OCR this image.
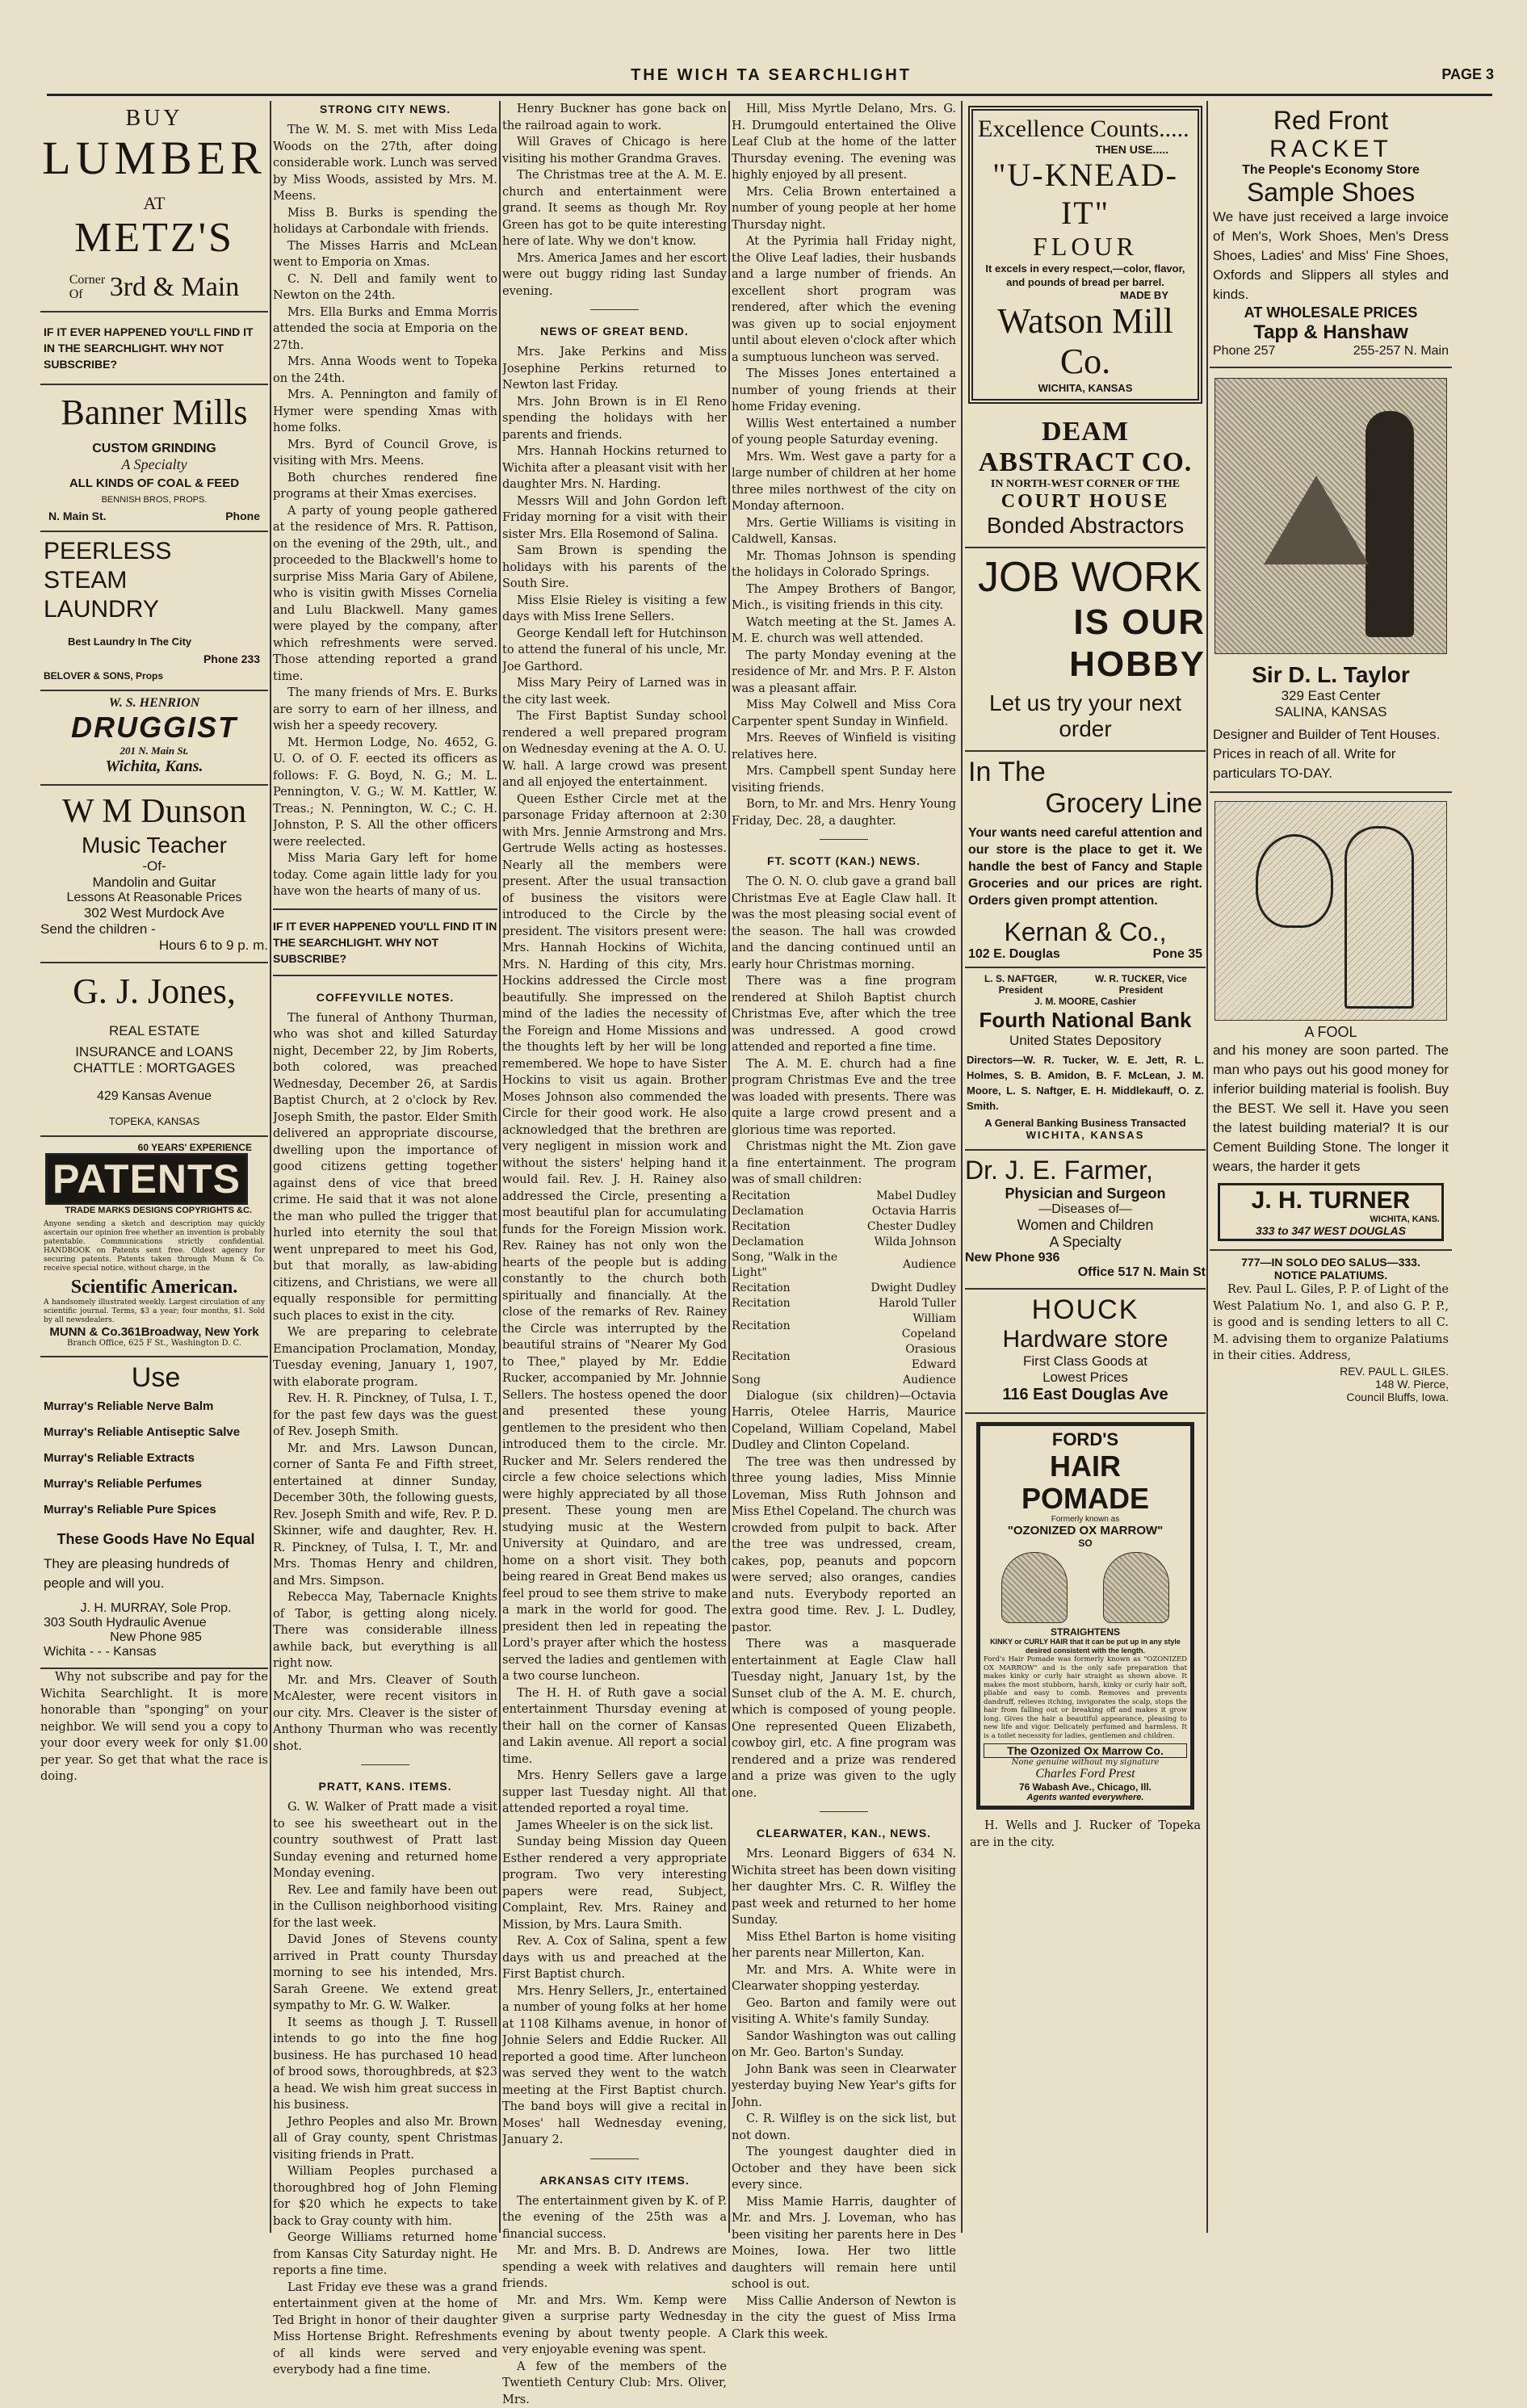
THE WICH TA SEARCHLIGHT	PAGE 3
BUY
LUMBER
AT
METZ'S
Corner Of 3rd & Main
IF IT EVER HAPPENED YOU'LL FIND IT IN THE SEARCHLIGHT. WHY NOT SUBSCRIBE?
Banner Mills
CUSTOM GRINDING
A Specialty
ALL KINDS OF COAL & FEED
BENNISH BROS, PROPS.
N. Main St.	Phone
PEERLESS STEAM LAUNDRY
Best Laundry In The City
Phone 233
BELOVER & SONS, Props
W. S. HENRION
DRUGGIST
201 N. Main St.
Wichita, Kans.
W M Dunson
Music Teacher
-Of-
Mandolin and Guitar
Lessons At Reasonable Prices
302 West Murdock Ave
Send the children -
Hours 6 to 9 p. m.
G. J. Jones,
REAL ESTATE
INSURANCE and LOANS
CHATTLE : MORTGAGES
429 Kansas Avenue
TOPEKA, KANSAS
60 YEARS' EXPERIENCE
PATENTS
TRADE MARKS DESIGNS COPYRIGHTS &C.
Anyone sending a sketch and description may quickly ascertain our opinion free whether an invention is probably patentable. Communications strictly confidential. HANDBOOK on Patents sent free. Oldest agency for securing patents. Patents taken through Munn & Co. receive special notice, without charge, in the
Scientific American.
A handsomely illustrated weekly. Largest circulation of any scientific journal. Terms, $3 a year; four months, $1. Sold by all newsdealers.
MUNN & Co.361Broadway, New York
Branch Office, 625 F St., Washington D. C.
Use
Murray's Reliable Nerve Balm
Murray's Reliable Antiseptic Salve
Murray's Reliable Extracts
Murray's Reliable Perfumes
Murray's Reliable Pure Spices
These Goods Have No Equal
They are pleasing hundreds of people and will you.
J. H. MURRAY, Sole Prop.
303 South Hydraulic Avenue
New Phone 985
Wichita - - - Kansas

Why not subscribe and pay for the Wichita Searchlight. It is more honorable than "sponging" on your neighbor. We will send you a copy to your door every week for only $1.00 per year. So get that what the race is doing.

STRONG CITY NEWS.

The W. M. S. met with Miss Leda Woods on the 27th, after doing considerable work. Lunch was served by Miss Woods, assisted by Mrs. M. Meens.

Miss B. Burks is spending the holidays at Carbondale with friends.

The Misses Harris and McLean went to Emporia on Xmas.

C. N. Dell and family went to Newton on the 24th.

Mrs. Ella Burks and Emma Morris attended the socia at Emporia on the 27th.

Mrs. Anna Woods went to Topeka on the 24th.

Mrs. A. Pennington and family of Hymer were spending Xmas with home folks.

Mrs. Byrd of Council Grove, is visiting with Mrs. Meens.

Both churches rendered fine programs at their Xmas exercises.

A party of young people gathered at the residence of Mrs. R. Pattison, on the evening of the 29th, ult., and proceeded to the Blackwell's home to surprise Miss Maria Gary of Abilene, who is visitin gwith Misses Cornelia and Lulu Blackwell. Many games were played by the company, after which refreshments were served. Those attending reported a grand time.

The many friends of Mrs. E. Burks are sorry to earn of her illness, and wish her a speedy recovery.

Mt. Hermon Lodge, No. 4652, G. U. O. of O. F. eected its officers as follows: F. G. Boyd, N. G.; M. L. Pennington, V. G.; W. M. Kattler, W. Treas.; N. Pennington, W. C.; C. H. Johnston, P. S. All the other officers were reelected.

Miss Maria Gary left for home today. Come again little lady for you have won the hearts of many of us.

IF IT EVER HAPPENED YOU'LL FIND IT IN THE SEARCHLIGHT. WHY NOT SUBSCRIBE?
COFFEYVILLE NOTES.

The funeral of Anthony Thurman, who was shot and killed Saturday night, December 22, by Jim Roberts, both colored, was preached Wednesday, December 26, at Sardis Baptist Church, at 2 o'clock by Rev. Joseph Smith, the pastor. Elder Smith delivered an appropriate discourse, dwelling upon the importance of good citizens getting together against dens of vice that breed crime. He said that it was not alone the man who pulled the trigger that hurled into eternity the soul that went unprepared to meet his God, but that morally, as law-abiding citizens, and Christians, we were all equally responsible for permitting such places to exist in the city.

We are preparing to celebrate Emancipation Proclamation, Monday, Tuesday evening, January 1, 1907, with elaborate program.

Rev. H. R. Pinckney, of Tulsa, I. T., for the past few days was the guest of Rev. Joseph Smith.

Mr. and Mrs. Lawson Duncan, corner of Santa Fe and Fifth street, entertained at dinner Sunday, December 30th, the following guests, Rev. Joseph Smith and wife, Rev. P. D. Skinner, wife and daughter, Rev. H. R. Pinckney, of Tulsa, I. T., Mr. and Mrs. Thomas Henry and children, and Mrs. Simpson.

Rebecca May, Tabernacle Knights of Tabor, is getting along nicely. There was considerable illness awhile back, but everything is all right now.

Mr. and Mrs. Cleaver of South McAlester, were recent visitors in our city. Mrs. Cleaver is the sister of Anthony Thurman who was recently shot.

PRATT, KANS. ITEMS.

G. W. Walker of Pratt made a visit to see his sweetheart out in the country southwest of Pratt last Sunday evening and returned home Monday evening.

Rev. Lee and family have been out in the Cullison neighborhood visiting for the last week.

David Jones of Stevens county arrived in Pratt county Thursday morning to see his intended, Mrs. Sarah Greene. We extend great sympathy to Mr. G. W. Walker.

It seems as though J. T. Russell intends to go into the fine hog business. He has purchased 10 head of brood sows, thoroughbreds, at $23 a head. We wish him great success in his business.

Jethro Peoples and also Mr. Brown all of Gray county, spent Christmas visiting friends in Pratt.

William Peoples purchased a thoroughbred hog of John Fleming for $20 which he expects to take back to Gray county with him.

George Williams returned home from Kansas City Saturday night. He reports a fine time.

Last Friday eve these was a grand entertainment given at the home of Ted Bright in honor of their daughter Miss Hortense Bright. Refreshments of all kinds were served and everybody had a fine time.

Henry Buckner has gone back on the railroad again to work.

Will Graves of Chicago is here visiting his mother Grandma Graves.

The Christmas tree at the A. M. E. church and entertainment were grand. It seems as though Mr. Roy Green has got to be quite interesting here of late. Why we don't know.

Mrs. America James and her escort were out buggy riding last Sunday evening.

NEWS OF GREAT BEND.

Mrs. Jake Perkins and Miss Josephine Perkins returned to Newton last Friday.

Mrs. John Brown is in El Reno spending the holidays with her parents and friends.

Mrs. Hannah Hockins returned to Wichita after a pleasant visit with her daughter Mrs. N. Harding.

Messrs Will and John Gordon left Friday morning for a visit with their sister Mrs. Ella Rosemond of Salina.

Sam Brown is spending the holidays with his parents of the South Sire.

Miss Elsie Rieley is visiting a few days with Miss Irene Sellers.

George Kendall left for Hutchinson to attend the funeral of his uncle, Mr. Joe Garthord.

Miss Mary Peiry of Larned was in the city last week.

The First Baptist Sunday school rendered a well prepared program on Wednesday evening at the A. O. U. W. hall. A large crowd was present and all enjoyed the entertainment.

Queen Esther Circle met at the parsonage Friday afternoon at 2:30 with Mrs. Jennie Armstrong and Mrs. Gertrude Wells acting as hostesses. Nearly all the members were present. After the usual transaction of business the visitors were introduced to the Circle by the president. The visitors present were: Mrs. Hannah Hockins of Wichita, Mrs. N. Harding of this city, Mrs. Hockins addressed the Circle most beautifully. She impressed on the mind of the ladies the necessity of the Foreign and Home Missions and the thoughts left by her will be long remembered. We hope to have Sister Hockins to visit us again. Brother Moses Johnson also commended the Circle for their good work. He also acknowledged that the brethren are very negligent in mission work and without the sisters' helping hand it would fail. Rev. J. H. Rainey also addressed the Circle, presenting a most beautiful plan for accumulating funds for the Foreign Mission work. Rev. Rainey has not only won the hearts of the people but is adding constantly to the church both spiritually and financially. At the close of the remarks of Rev. Rainey the Circle was interrupted by the beautiful strains of "Nearer My God to Thee," played by Mr. Eddie Rucker, accompanied by Mr. Johnnie Sellers. The hostess opened the door and presented these young gentlemen to the president who then introduced them to the circle. Mr. Rucker and Mr. Selers rendered the circle a few choice selections which were highly appreciated by all those present. These young men are studying music at the Western University at Quindaro, and are home on a short visit. They both being reared in Great Bend makes us feel proud to see them strive to make a mark in the world for good. The president then led in repeating the Lord's prayer after which the hostess served the ladies and gentlemen with a two course luncheon.

The H. H. of Ruth gave a social entertainment Thursday evening at their hall on the corner of Kansas and Lakin avenue. All report a social time.

Mrs. Henry Sellers gave a large supper last Tuesday night. All that attended reported a royal time.

James Wheeler is on the sick list.

Sunday being Mission day Queen Esther rendered a very appropriate program. Two very interesting papers were read, Subject, Complaint, Rev. Mrs. Rainey and Mission, by Mrs. Laura Smith.

Rev. A. Cox of Salina, spent a few days with us and preached at the First Baptist church.

Mrs. Henry Sellers, Jr., entertained a number of young folks at her home at 1108 Kilhams avenue, in honor of Johnie Selers and Eddie Rucker. All reported a good time. After luncheon was served they went to the watch meeting at the First Baptist church. The band boys will give a recital in Moses' hall Wednesday evening, January 2.

ARKANSAS CITY ITEMS.

The entertainment given by K. of P. the evening of the 25th was a financial success.

Mr. and Mrs. B. D. Andrews are spending a week with relatives and friends.

Mr. and Mrs. Wm. Kemp were given a surprise party Wednesday evening by about twenty people. A very enjoyable evening was spent.

A few of the members of the Twentieth Century Club: Mrs. Oliver, Mrs.

Hill, Miss Myrtle Delano, Mrs. G. H. Drumgould entertained the Olive Leaf Club at the home of the latter Thursday evening. The evening was highly enjoyed by all present.

Mrs. Celia Brown entertained a number of young people at her home Thursday night.

At the Pyrimia hall Friday night, the Olive Leaf ladies, their husbands and a large number of friends. An excellent short program was rendered, after which the evening was given up to social enjoyment until about eleven o'clock after which a sumptuous luncheon was served.

The Misses Jones entertained a number of young friends at their home Friday evening.

Willis West entertained a number of young people Saturday evening.

Mrs. Wm. West gave a party for a large number of children at her home three miles northwest of the city on Monday afternoon.

Mrs. Gertie Williams is visiting in Caldwell, Kansas.

Mr. Thomas Johnson is spending the holidays in Colorado Springs.

The Ampey Brothers of Bangor, Mich., is visiting friends in this city.

Watch meeting at the St. James A. M. E. church was well attended.

The party Monday evening at the residence of Mr. and Mrs. P. F. Alston was a pleasant affair.

Miss May Colwell and Miss Cora Carpenter spent Sunday in Winfield.

Mrs. Reeves of Winfield is visiting relatives here.

Mrs. Campbell spent Sunday here visiting friends.

Born, to Mr. and Mrs. Henry Young Friday, Dec. 28, a daughter.

FT. SCOTT (KAN.) NEWS.

The O. N. O. club gave a grand ball Christmas Eve at Eagle Claw hall. It was the most pleasing social event of the season. The hall was crowded and the dancing continued until an early hour Christmas morning.

There was a fine program rendered at Shiloh Baptist church Christmas Eve, after which the tree was undressed. A good crowd attended and reported a fine time.

The A. M. E. church had a fine program Christmas Eve and the tree was loaded with presents. There was quite a large crowd present and a glorious time was reported.

Christmas night the Mt. Zion gave a fine entertainment. The program was of small children:

Recitation	Mabel Dudley
Declamation	Octavia Harris
Recitation	Chester Dudley
Declamation	Wilda Johnson
Song, "Walk in the Light"	Audience
Recitation	Dwight Dudley
Recitation	Harold Tuller
Recitation	William Copeland
Recitation	Orasious Edward
Song	Audience

Dialogue (six children)—Octavia Harris, Otelee Harris, Maurice Copeland, William Copeland, Mabel Dudley and Clinton Copeland.

The tree was then undressed by three young ladies, Miss Minnie Loveman, Miss Ruth Johnson and Miss Ethel Copeland. The church was crowded from pulpit to back. After the tree was undressed, cream, cakes, pop, peanuts and popcorn were served; also oranges, candies and nuts. Everybody reported an extra good time. Rev. J. L. Dudley, pastor.

There was a masquerade entertainment at Eagle Claw hall Tuesday night, January 1st, by the Sunset club of the A. M. E. church, which is composed of young people. One represented Queen Elizabeth, cowboy girl, etc. A fine program was rendered and a prize was rendered and a prize was given to the ugly one.

CLEARWATER, KAN., NEWS.

Mrs. Leonard Biggers of 634 N. Wichita street has been down visiting her daughter Mrs. C. R. Wilfley the past week and returned to her home Sunday.

Miss Ethel Barton is home visiting her parents near Millerton, Kan.

Mr. and Mrs. A. White were in Clearwater shopping yesterday.

Geo. Barton and family were out visiting A. White's family Sunday.

Sandor Washington was out calling on Mr. Geo. Barton's Sunday.

John Bank was seen in Clearwater yesterday buying New Year's gifts for John.

C. R. Wilfley is on the sick list, but not down.

The youngest daughter died in October and they have been sick every since.

Miss Mamie Harris, daughter of Mr. and Mrs. J. Loveman, who has been visiting her parents here in Des Moines, Iowa. Her two little daughters will remain here until school is out.

Miss Callie Anderson of Newton is in the city the guest of Miss Irma Clark this week.

Excellence Counts.....
THEN USE.....
"U-KNEAD-IT"
FLOUR
It excels in every respect,—color, flavor, and pounds of bread per barrel.
MADE BY
Watson Mill Co.
WICHITA, KANSAS
DEAM ABSTRACT CO.
IN NORTH-WEST CORNER OF THE
COURT HOUSE
Bonded Abstractors
JOB WORK
IS OUR HOBBY
Let us try your next order
In The
Grocery Line
Your wants need careful attention and our store is the place to get it. We handle the best of Fancy and Staple Groceries and our prices are right. Orders given prompt attention.
Kernan & Co.,
102 E. Douglas	Pone 35
L. S. NAFTGER, President
W. R. TUCKER, Vice President
J. M. MOORE, Cashier
Fourth National Bank
United States Depository
Directors—W. R. Tucker, W. E. Jett, R. L. Holmes, S. B. Amidon, B. F. McLean, J. M. Moore, L. S. Naftger, E. H. Middlekauff, O. Z. Smith.
A General Banking Business Transacted
WICHITA, KANSAS
Dr. J. E. Farmer,
Physician and Surgeon
—Diseases of—
Women and Children
A Specialty
New Phone 936
Office 517 N. Main St
HOUCK
Hardware store
First Class Goods at
Lowest Prices
116 East Douglas Ave
FORD'S
HAIR POMADE
Formerly known as
"OZONIZED OX MARROW"
SO
STRAIGHTENS
KINKY or CURLY HAIR that it can be put up in any style desired consistent with the length.
Ford's Hair Pomade was formerly known as "OZONIZED OX MARROW" and is the only safe preparation that makes kinky or curly hair straight as shown above. It makes the most stubborn, harsh, kinky or curly hair soft, pliable and easy to comb. Removes and prevents dandruff, relieves itching, invigorates the scalp, stops the hair from falling out or breaking off and makes it grow long. Gives the hair a beautiful appearance, pleasing to new life and vigor. Delicately perfumed and harmless. It is a toilet necessity for ladies, gentlemen and children.
The Ozonized Ox Marrow Co.
None genuine without my signature
Charles Ford Prest
76 Wabash Ave., Chicago, Ill.
Agents wanted everywhere.

H. Wells and J. Rucker of Topeka are in the city.

Red Front
RACKET
The People's Economy Store
Sample Shoes
We have just received a large invoice of Men's, Work Shoes, Men's Dress Shoes, Ladies' and Miss' Fine Shoes, Oxfords and Slippers all styles and kinds.
AT WHOLESALE PRICES
Tapp & Hanshaw
Phone 257	255-257 N. Main
Sir D. L. Taylor
329 East Center
SALINA, KANSAS
Designer and Builder of Tent Houses. Prices in reach of all. Write for particulars TO-DAY.
A FOOL
and his money are soon parted. The man who pays out his good money for inferior building material is foolish. Buy the BEST. We sell it. Have you seen the latest building material? It is our Cement Building Stone. The longer it wears, the harder it gets
J. H. TURNER
WICHITA, KANS.
333 to 347 WEST DOUGLAS
777—IN SOLO DEO SALUS—333.
NOTICE PALATIUMS.

Rev. Paul L. Giles, P. P. of Light of the West Palatium No. 1, and also G. P. P., is good and is sending letters to all C. M. advising them to organize Palatiums in their cities. Address,

REV. PAUL L. GILES.
148 W. Pierce,
Council Bluffs, Iowa.
